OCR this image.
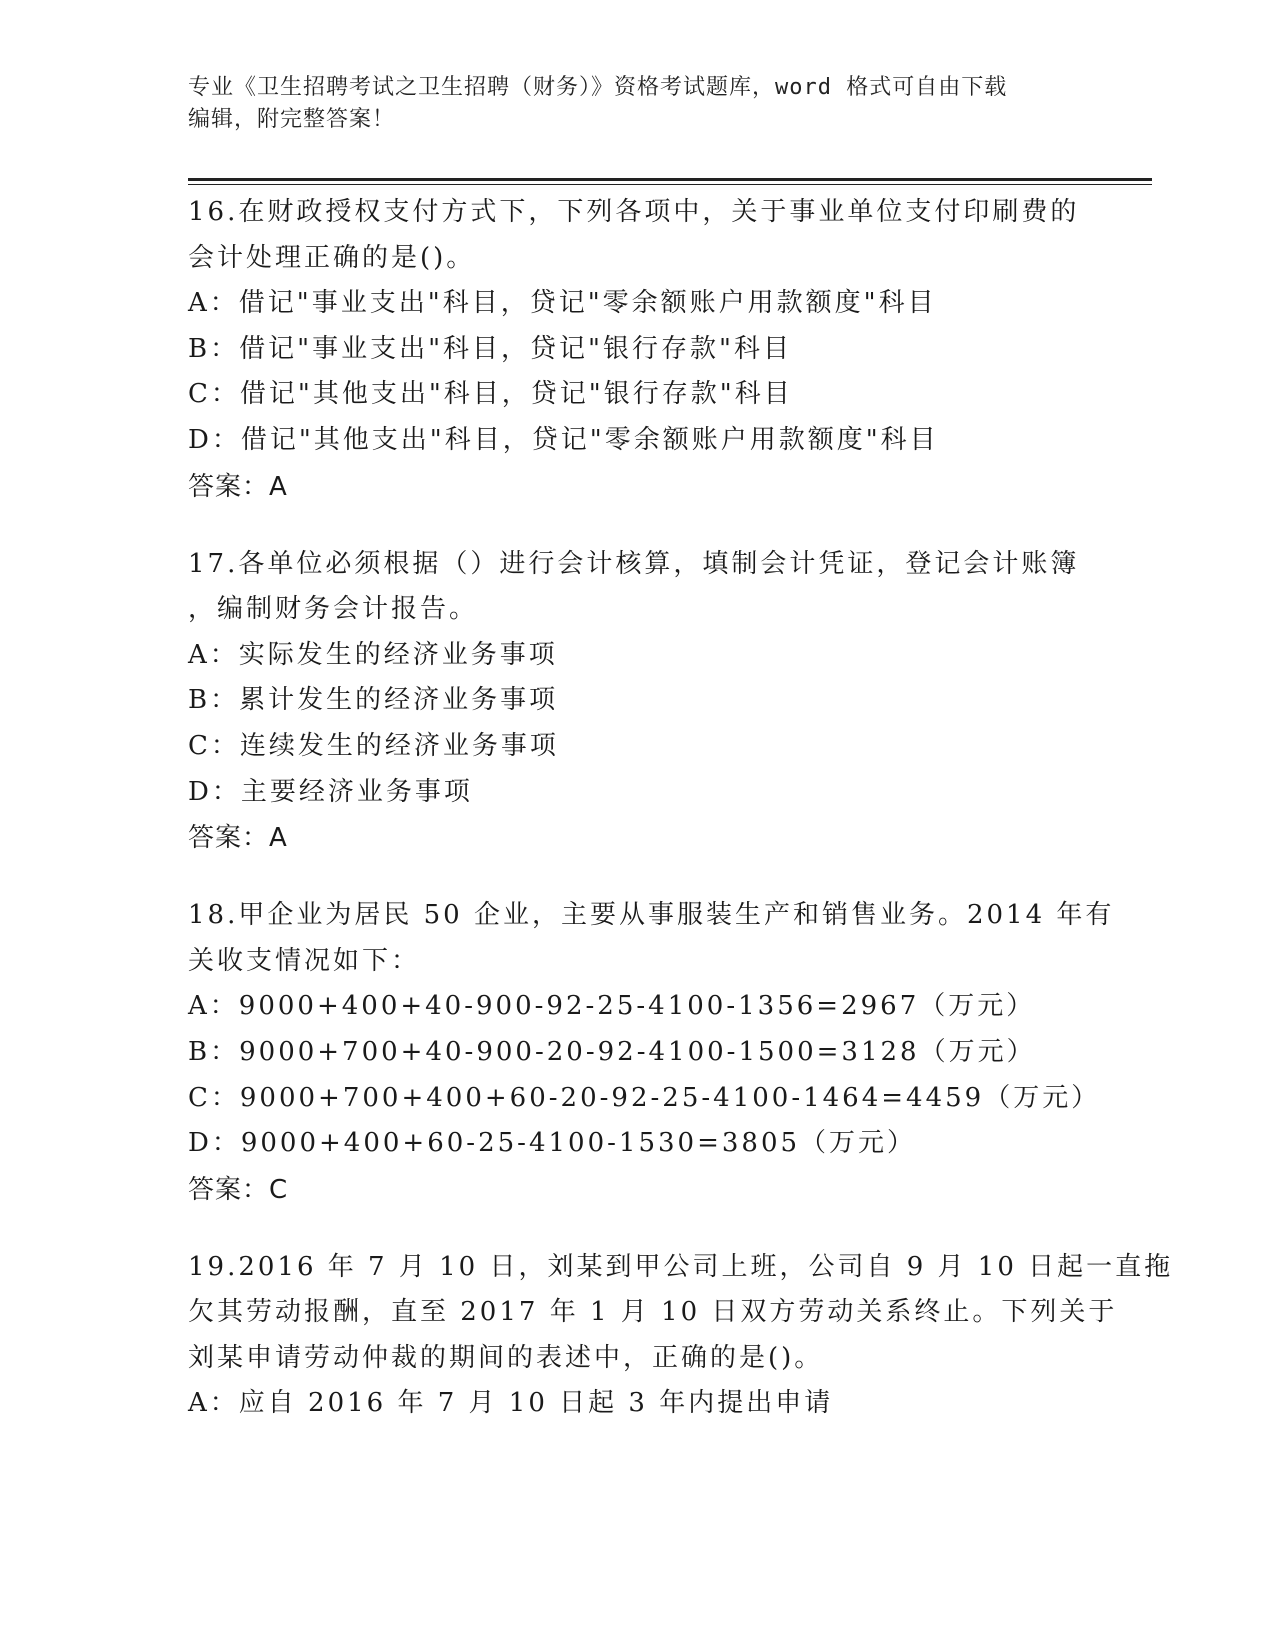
专业《卫生招聘考试之卫生招聘（财务）》资格考试题库，word 格式可自由下载
编辑，附完整答案！
16.在财政授权支付方式下，下列各项中，关于事业单位支付印刷费的
会计处理正确的是()。
A：借记"事业支出"科目，贷记"零余额账户用款额度"科目
B：借记"事业支出"科目，贷记"银行存款"科目
C：借记"其他支出"科目，贷记"银行存款"科目
D：借记"其他支出"科目，贷记"零余额账户用款额度"科目
答案：A
17.各单位必须根据（）进行会计核算，填制会计凭证，登记会计账簿
，编制财务会计报告。
A：实际发生的经济业务事项
B：累计发生的经济业务事项
C：连续发生的经济业务事项
D：主要经济业务事项
答案：A
18.甲企业为居民 50 企业，主要从事服装生产和销售业务。2014 年有
关收支情况如下：
A：9000+400+40-900-92-25-4100-1356=2967（万元）
B：9000+700+40-900-20-92-4100-1500=3128（万元）
C：9000+700+400+60-20-92-25-4100-1464=4459（万元）
D：9000+400+60-25-4100-1530=3805（万元）
答案：C
19.2016 年 7 月 10 日，刘某到甲公司上班，公司自 9 月 10 日起一直拖
欠其劳动报酬，直至 2017 年 1 月 10 日双方劳动关系终止。下列关于
刘某申请劳动仲裁的期间的表述中，正确的是()。
A：应自 2016 年 7 月 10 日起 3 年内提出申请
